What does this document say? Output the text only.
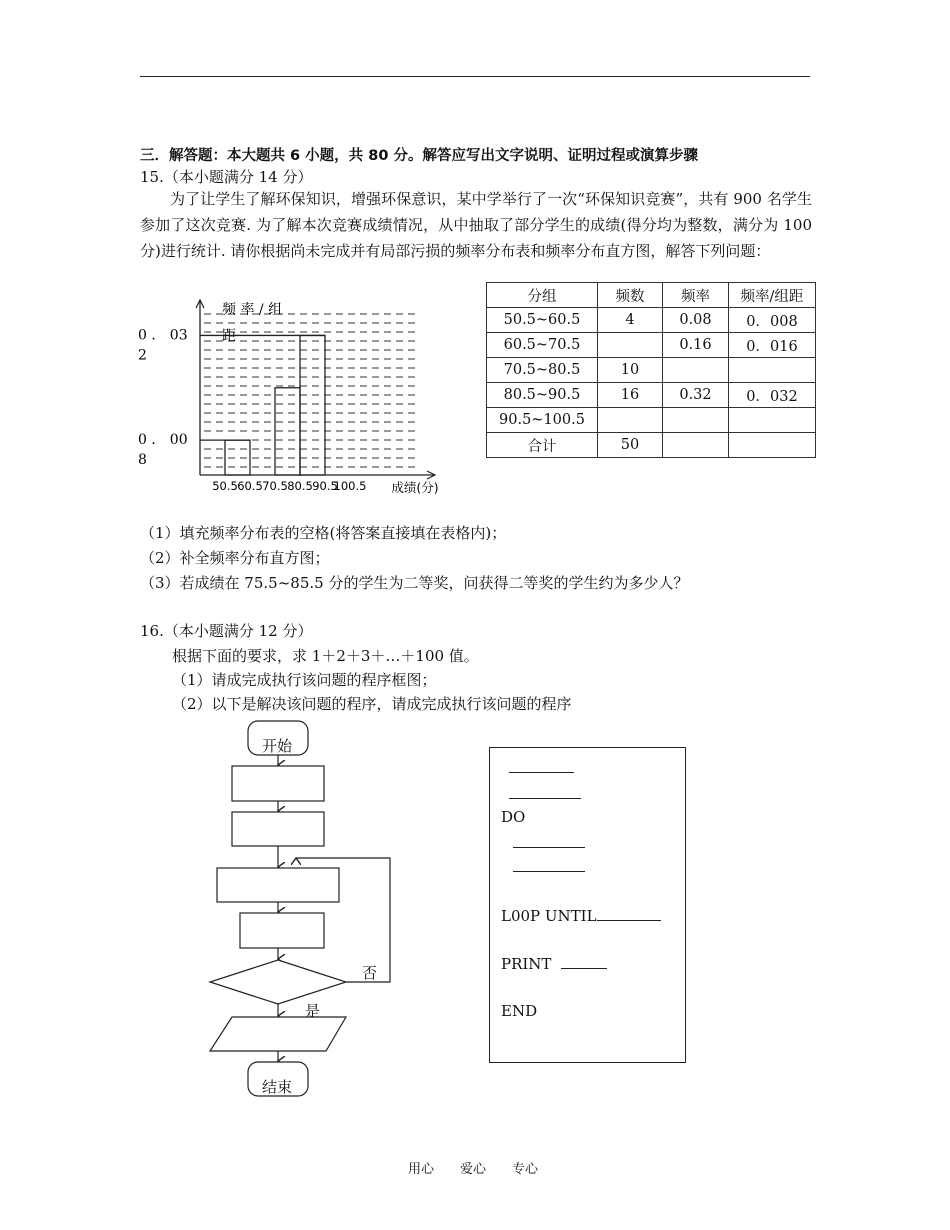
三．解答题：本大题共 6 小题，共 80 分。解答应写出文字说明、证明过程或演算步骤
15.（本小题满分 14 分）
为了让学生了解环保知识，增强环保意识，某中学举行了一次“环保知识竞赛”，共有 900 名学生参加了这次竞赛. 为了解本次竞赛成绩情况，从中抽取了部分学生的成绩(得分均为整数，满分为 100 分)进行统计. 请你根据尚未完成并有局部污损的频率分布表和频率分布直方图，解答下列问题：
0 ． 03
2
0 ． 00
8
50.5 60.5 70.5 80.5 90.5
100.5
频 率 / 组
距
成绩(分)
分组	频数	频率	频率/组距
50.5~60.5	4	0.08	0．008
60.5~70.5		0.16	0．016
70.5~80.5	10		
80.5~90.5	16	0.32	0．032
90.5~100.5			
合计	50		
（1）填充频率分布表的空格(将答案直接填在表格内)；
（2）补全频率分布直方图；
（3）若成绩在 75.5~85.5 分的学生为二等奖，问获得二等奖的学生约为多少人？
16.（本小题满分 12 分）
根据下面的要求，求 1＋2＋3＋…＋100 值。
（1）请成完成执行该问题的程序框图；
（2）以下是解决该问题的程序，请成完成执行该问题的程序
开始
结束
否
是
DO
L00P UNTIL
PRINT
END
用心　　爱心　　专心
